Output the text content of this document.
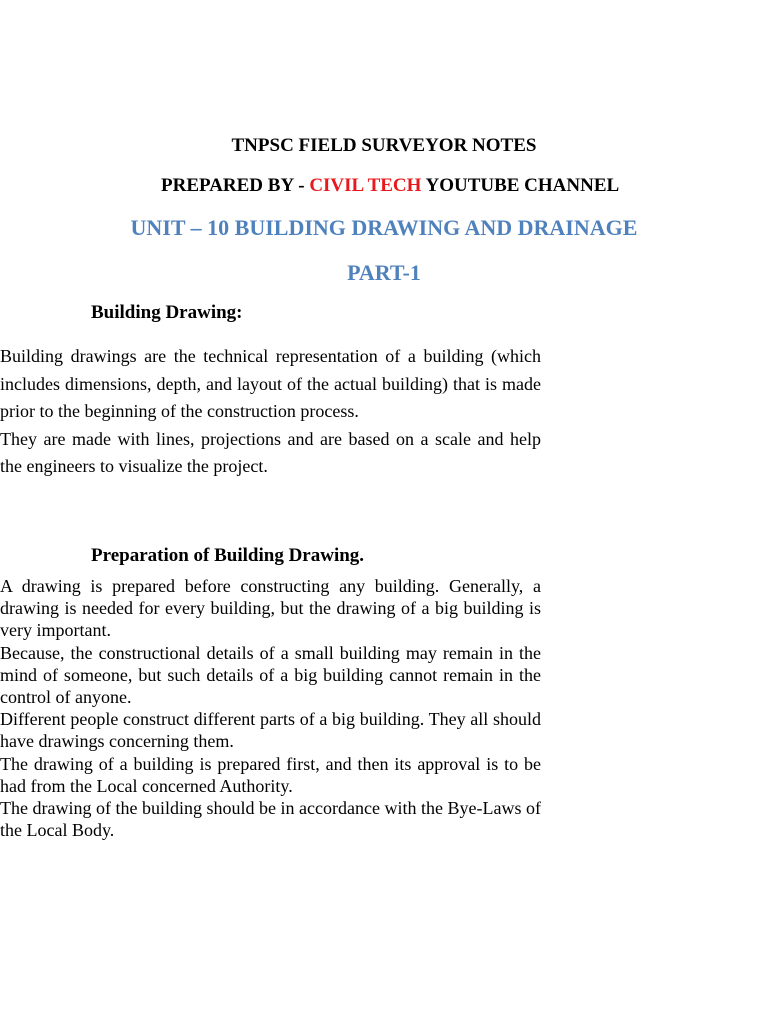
TNPSC FIELD SURVEYOR NOTES
PREPARED BY - CIVIL TECH YOUTUBE CHANNEL
UNIT – 10 BUILDING DRAWING AND DRAINAGE
PART-1
Building Drawing:
Building drawings are the technical representation of a building (which includes dimensions, depth, and layout of the actual building) that is made prior to the beginning of the construction process.
They are made with lines, projections and are based on a scale and help the engineers to visualize the project.
Preparation of Building Drawing.
A drawing is prepared before constructing any building. Generally, a drawing is needed for every building, but the drawing of a big building is very important.
Because, the constructional details of a small building may remain in the mind of someone, but such details of a big building cannot remain in the control of anyone.
Different people construct different parts of a big building. They all should have drawings concerning them.
The drawing of a building is prepared first, and then its approval is to be had from the Local concerned Authority.
The drawing of the building should be in accordance with the Bye-Laws of the Local Body.
